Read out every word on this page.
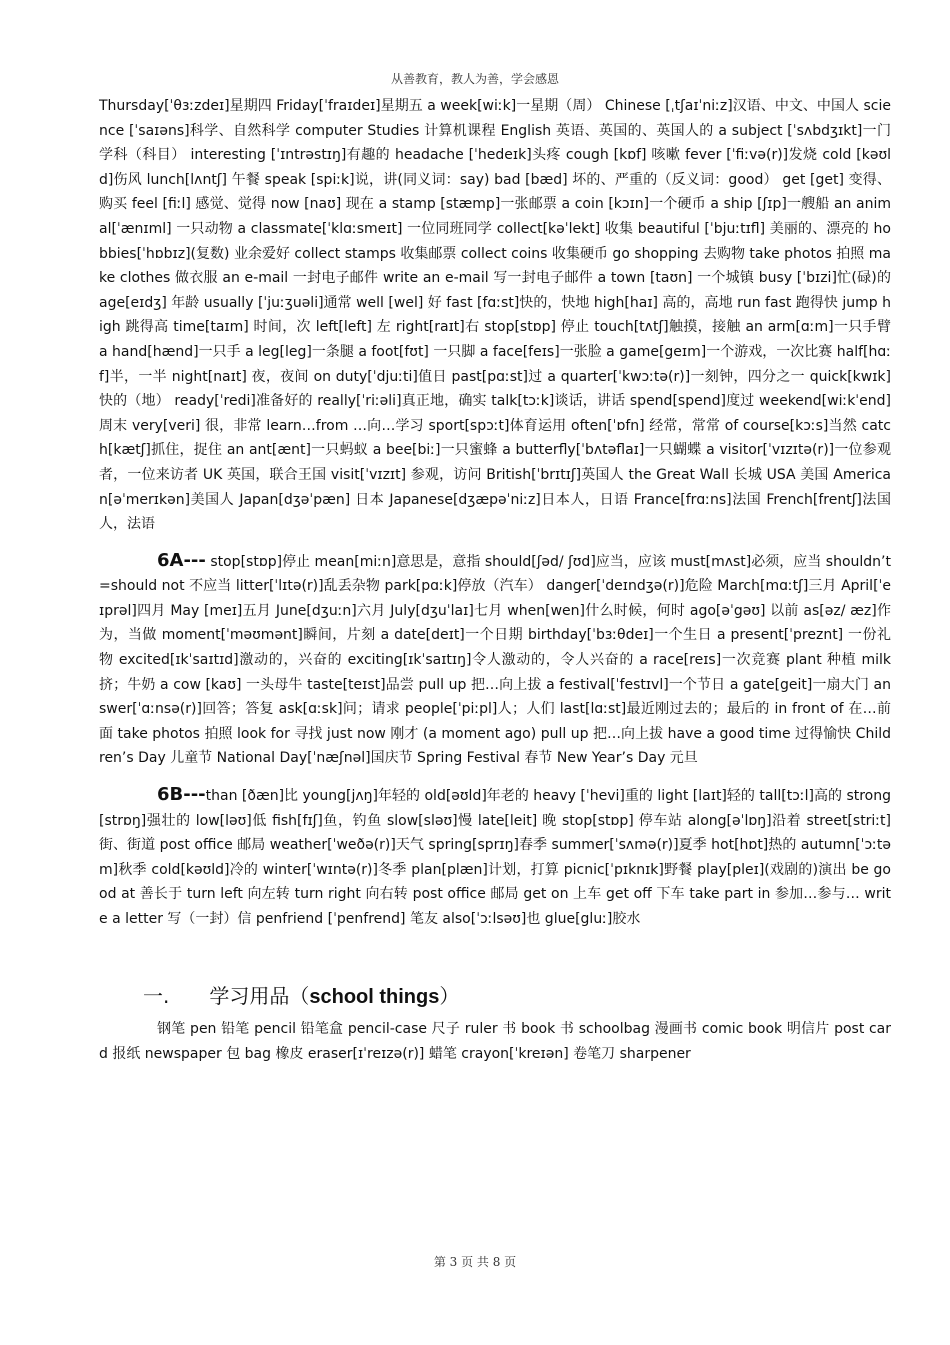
从善教育，教人为善，学会感恩

Thursday[ˈθɜːzdeɪ]星期四 Friday[ˈfraɪdeɪ]星期五 a week[wiːk]一星期（周） Chinese [ˌtʃaɪˈniːz]汉语、中文、中国人 science [ˈsaɪəns]科学、自然科学 computer Studies 计算机课程 English 英语、英国的、英国人的 a subject [ˈsʌbdʒɪkt]一门学科（科目） interesting [ˈɪntrəstɪŋ]有趣的 headache [ˈhedeɪk]头疼 cough [kɒf] 咳嗽 fever [ˈfiːvə(r)]发烧 cold [kəʊld]伤风 lunch[lʌntʃ] 午餐 speak [spiːk]说，讲(同义词：say) bad [bæd] 坏的、严重的（反义词：good） get [get] 变得、购买 feel [fiːl] 感觉、觉得 now [naʊ] 现在 a stamp [stæmp]一张邮票 a coin [kɔɪn]一个硬币 a ship [ʃɪp]一艘船 an animal[ˈænɪml] 一只动物 a classmate[ˈklɑːsmeɪt] 一位同班同学 collect[kəˈlekt] 收集 beautiful [ˈbjuːtɪfl] 美丽的、漂亮的 hobbies[ˈhɒbɪz](复数) 业余爱好 collect stamps 收集邮票 collect coins 收集硬币 go shopping 去购物 take photos 拍照 make clothes 做衣服 an e-mail 一封电子邮件 write an e-mail 写一封电子邮件 a town [taʊn] 一个城镇 busy [ˈbɪzi]忙(碌)的 age[eɪdʒ] 年龄 usually [ˈjuːʒuəli]通常 well [wel] 好 fast [fɑːst]快的，快地 high[haɪ] 高的，高地 run fast 跑得快 jump high 跳得高 time[taɪm] 时间，次 left[left] 左 right[raɪt]右 stop[stɒp] 停止 touch[tʌtʃ]触摸，接触 an arm[ɑːm]一只手臂 a hand[hænd]一只手 a leg[leg]一条腿 a foot[fʊt] 一只脚 a face[feɪs]一张脸 a game[geɪm]一个游戏，一次比赛 half[hɑːf]半，一半 night[naɪt] 夜，夜间 on duty[ˈdjuːti]值日 past[pɑːst]过 a quarter[ˈkwɔːtə(r)]一刻钟，四分之一 quick[kwɪk] 快的（地） ready[ˈredi]准备好的 really[ˈriːəli]真正地，确实 talk[tɔːk]谈话，讲话 spend[spend]度过 weekend[wiːkˈend]周末 very[veri] 很，非常 learn…from …向…学习 sport[spɔːt]体育运用 often[ˈɒfn] 经常，常常 of course[kɔːs]当然 catch[kætʃ]抓住，捉住 an ant[ænt]一只蚂蚁 a bee[biː]一只蜜蜂 a butterfly[ˈbʌtəflaɪ]一只蝴蝶 a visitor[ˈvɪzɪtə(r)]一位参观者，一位来访者 UK 英国，联合王国 visit[ˈvɪzɪt] 参观，访问 British[ˈbrɪtɪʃ]英国人 the Great Wall 长城 USA 美国 American[əˈmerɪkən]美国人 Japan[dʒəˈpæn] 日本 Japanese[dʒæpəˈniːz]日本人，日语 France[frɑːns]法国 French[frentʃ]法国人，法语

6A--- stop[stɒp]停止 mean[miːn]意思是，意指 should[ʃəd/ ʃʊd]应当，应该 must[mʌst]必须，应当 shouldn’t=should not 不应当 litter[ˈlɪtə(r)]乱丢杂物 park[pɑːk]停放（汽车） danger[ˈdeɪndʒə(r)]危险 March[mɑːtʃ]三月 April[ˈeɪprəl]四月 May [meɪ]五月 June[dʒuːn]六月 July[dʒuˈlaɪ]七月 when[wen]什么时候，何时 ago[əˈgəʊ] 以前 as[əz/ æz]作为，当做 moment[ˈməʊmənt]瞬间，片刻 a date[deɪt]一个日期 birthday[ˈbɜːθdeɪ]一个生日 a present[ˈpreznt] 一份礼物 excited[ɪkˈsaɪtɪd]激动的，兴奋的 exciting[ɪkˈsaɪtɪŋ]令人激动的，令人兴奋的 a race[reɪs]一次竞赛 plant 种植 milk 挤；牛奶 a cow [kaʊ] 一头母牛 taste[teɪst]品尝 pull up 把…向上拔 a festival[ˈfestɪvl]一个节日 a gate[geit]一扇大门 answer[ˈɑːnsə(r)]回答；答复 ask[ɑːsk]问；请求 people[ˈpiːpl]人；人们 last[lɑːst]最近刚过去的；最后的 in front of 在…前面 take photos 拍照 look for 寻找 just now 刚才 (a moment ago) pull up 把…向上拔 have a good time 过得愉快 Children’s Day 儿童节 National Day[ˈnæʃnəl]国庆节 Spring Festival 春节 New Year’s Day 元旦

6B---than [ðæn]比 young[jʌŋ]年轻的 old[əʊld]年老的 heavy [ˈhevi]重的 light [laɪt]轻的 tall[tɔːl]高的 strong [strɒŋ]强壮的 low[ləʊ]低 fish[fɪʃ]鱼，钓鱼 slow[sləʊ]慢 late[leit] 晚 stop[stɒp] 停车站 along[əˈlɒŋ]沿着 street[striːt]街、街道 post office 邮局 weather[ˈweðə(r)]天气 spring[sprɪŋ]春季 summer[ˈsʌmə(r)]夏季 hot[hɒt]热的 autumn[ˈɔːtəm]秋季 cold[kəʊld]冷的 winter[ˈwɪntə(r)]冬季 plan[plæn]计划，打算 picnic[ˈpɪknɪk]野餐 play[pleɪ](戏剧的)演出 be good at 善长于 turn left 向左转 turn right 向右转 post office 邮局 get on 上车 get off 下车 take part in 参加…参与… write a letter 写（一封）信 penfriend [ˈpenfrend] 笔友 also[ˈɔːlsəʊ]也 glue[gluː]胶水

一.　　学习用品（school things）

钢笔 pen 铅笔 pencil 铅笔盒 pencil-case 尺子 ruler 书 book 书 schoolbag 漫画书 comic book 明信片 post card 报纸 newspaper 包 bag 橡皮 eraser[ɪˈreɪzə(r)] 蜡笔 crayon[ˈkreɪən] 卷笔刀 sharpener

第 3 页 共 8 页
